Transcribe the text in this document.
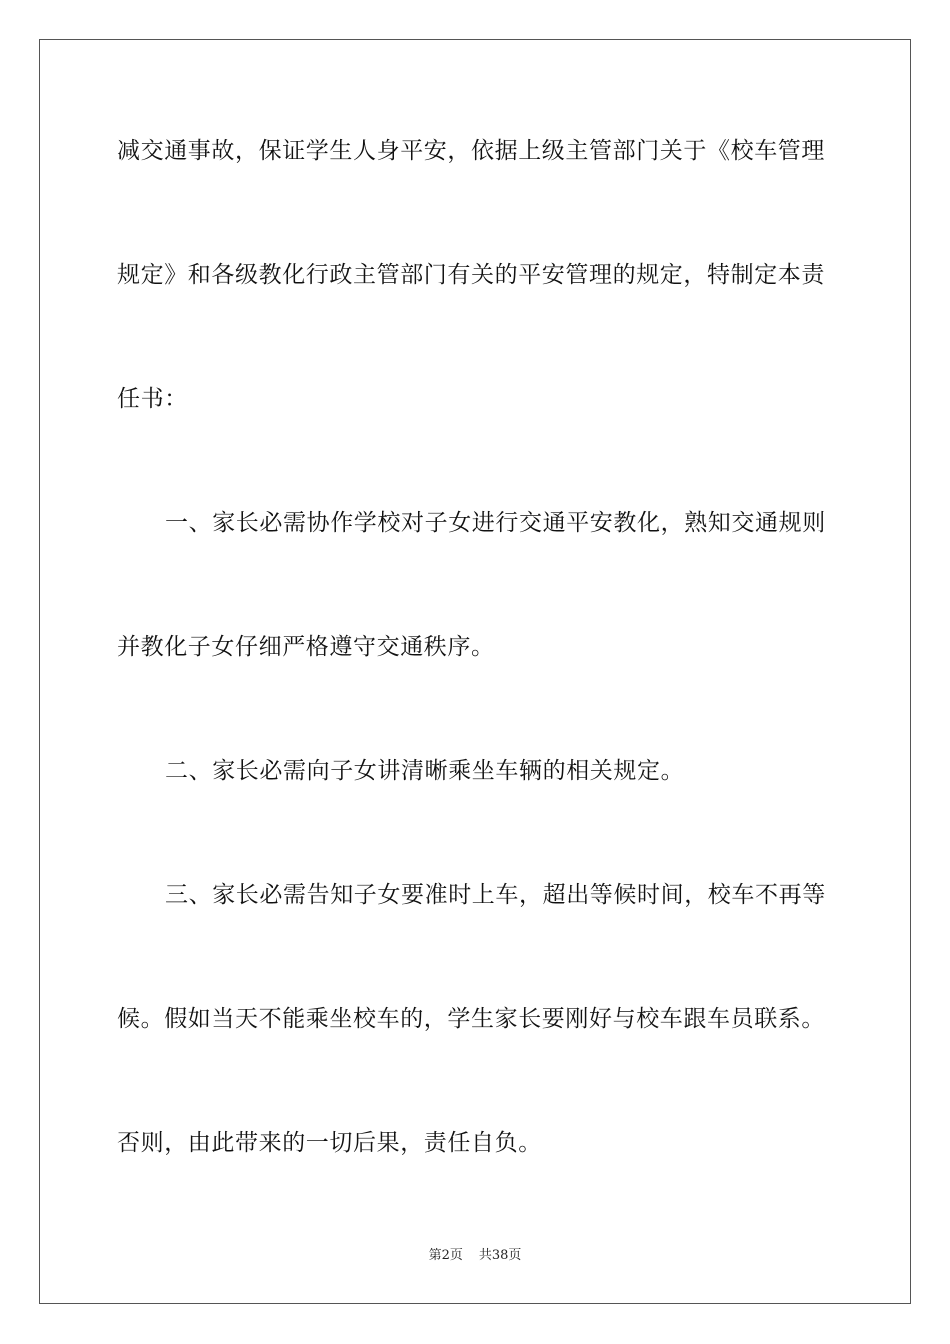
减交通事故，保证学生人身平安，依据上级主管部门关于《校车管理
规定》和各级教化行政主管部门有关的平安管理的规定，特制定本责
任书：
一、家长必需协作学校对子女进行交通平安教化，熟知交通规则
并教化子女仔细严格遵守交通秩序。
二、家长必需向子女讲清晰乘坐车辆的相关规定。
三、家长必需告知子女要准时上车，超出等候时间，校车不再等
候。假如当天不能乘坐校车的，学生家长要刚好与校车跟车员联系。
否则，由此带来的一切后果，责任自负。
第2页 共38页
